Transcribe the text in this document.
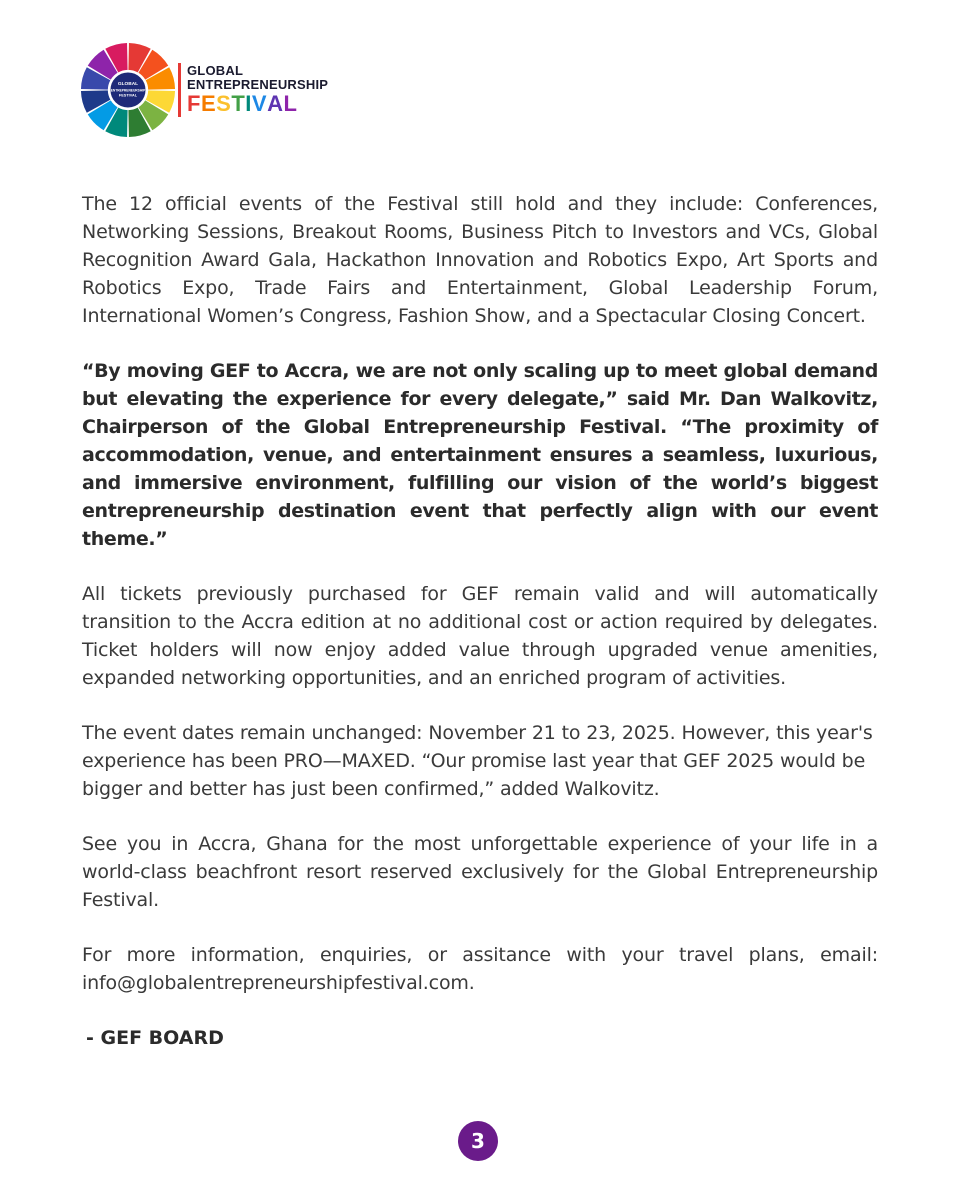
GLOBAL
ENTREPRENEURSHIP
FESTIVAL
GLOBAL
ENTREPRENEURSHIP
FESTIVAL

The 12 official events of the Festival still hold and they include: Conferences, Networking Sessions, Breakout Rooms, Business Pitch to Investors and VCs, Global Recognition Award Gala, Hackathon Innovation and Robotics Expo, Art Sports and Robotics Expo, Trade Fairs and Entertainment, Global Leadership Forum, International Women’s Congress, Fashion Show, and a Spectacular Closing Concert.

“By moving GEF to Accra, we are not only scaling up to meet global demand but elevating the experience for every delegate,” said Mr. Dan Walkovitz, Chairperson of the Global Entrepreneurship Festival. “The proximity of accommodation, venue, and entertainment ensures a seamless, luxurious, and immersive environment, fulfilling our vision of the world’s biggest entrepreneurship destination event that perfectly align with our event theme.”

All tickets previously purchased for GEF remain valid and will automatically transition to the Accra edition at no additional cost or action required by delegates. Ticket holders will now enjoy added value through upgraded venue amenities, expanded networking opportunities, and an enriched program of activities.

The event dates remain unchanged: November 21 to 23, 2025. However, this year's experience has been PRO—MAXED. “Our promise last year that GEF 2025 would be bigger and better has just been confirmed,” added Walkovitz.

See you in Accra, Ghana for the most unforgettable experience of your life in a world-class beachfront resort reserved exclusively for the Global Entrepreneurship Festival.

For more information, enquiries, or assitance with your travel plans, email: info@globalentrepreneurshipfestival.com.

- GEF BOARD
3
